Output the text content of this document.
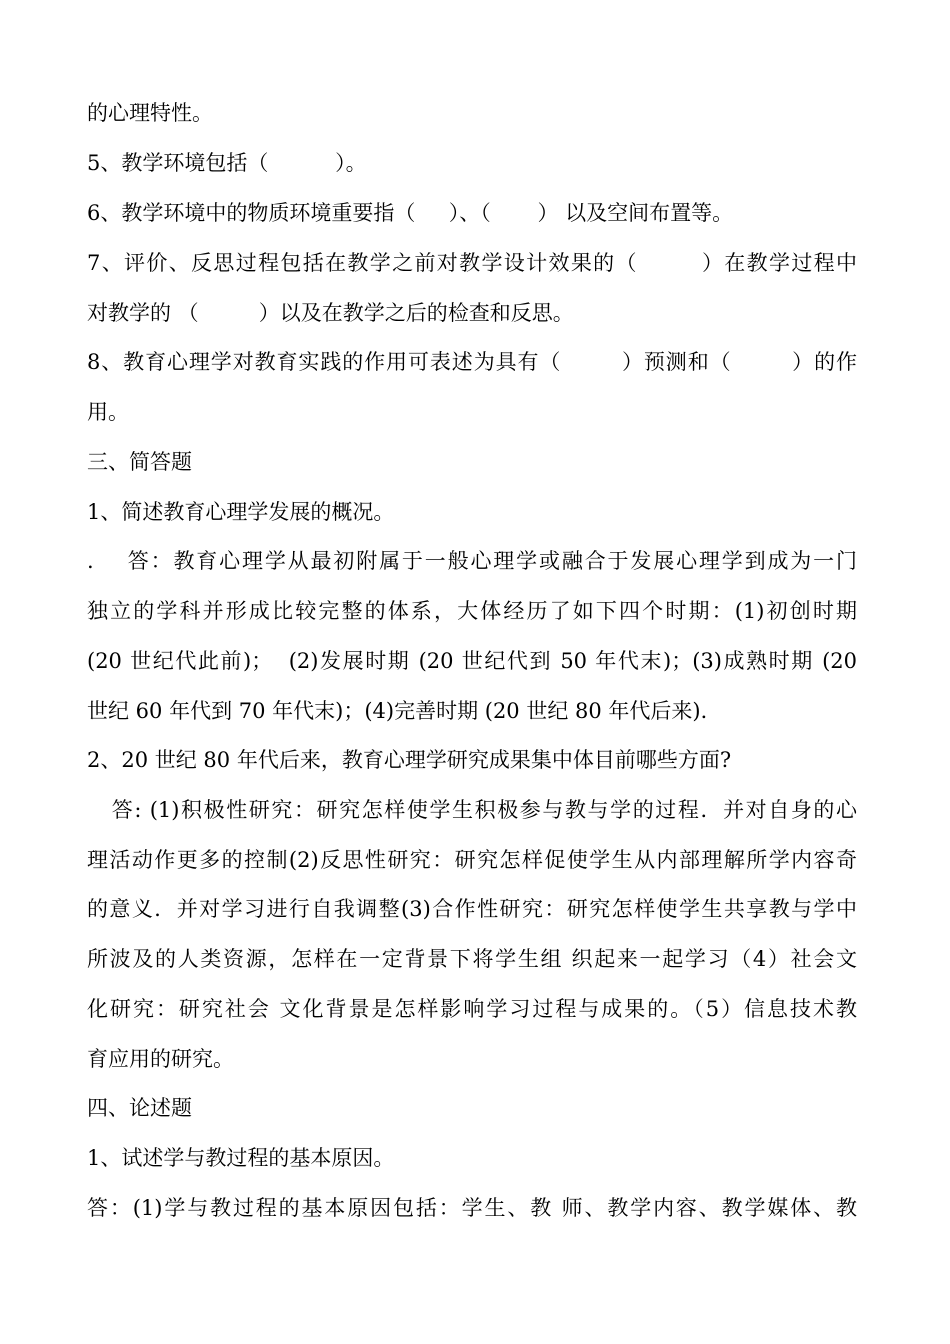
的心理特性。
5、教学环境包括（          ）。
6、教学环境中的物质环境重要指（     ）、（       ） 以及空间布置等。
7、评价、反思过程包括在教学之前对教学设计效果的（        ）在教学过程中
对教学的 （         ）以及在教学之后的检查和反思。
8、教育心理学对教育实践的作用可表述为具有（        ）预测和（        ）的作
用。
三、简答题
1、简述教育心理学发展的概况。
.    答：教育心理学从最初附属于一般心理学或融合于发展心理学到成为一门
独立的学科并形成比较完整的体系，大体经历了如下四个时期：(1)初创时期
(20 世纪代此前)；  (2)发展时期 (20 世纪代到 50 年代末)；(3)成熟时期 (20
世纪 60 年代到 70 年代末)；(4)完善时期 (20 世纪 80 年代后来)．
2、20 世纪 80 年代后来，教育心理学研究成果集中体目前哪些方面?
答: (1)积极性研究：研究怎样使学生积极参与教与学的过程．并对自身的心
理活动作更多的控制(2)反思性研究：研究怎样促使学生从内部理解所学内容奇
的意义．并对学习进行自我调整(3)合作性研究：研究怎样使学生共享教与学中
所波及的人类资源，怎样在一定背景下将学生组 织起来一起学习（4）社会文
化研究：研究社会 文化背景是怎样影响学习过程与成果的。（5）信息技术教
育应用的研究。
四、论述题
1、试述学与教过程的基本原因。
答：(1)学与教过程的基本原因包括：学生、教 师、教学内容、教学媒体、教
